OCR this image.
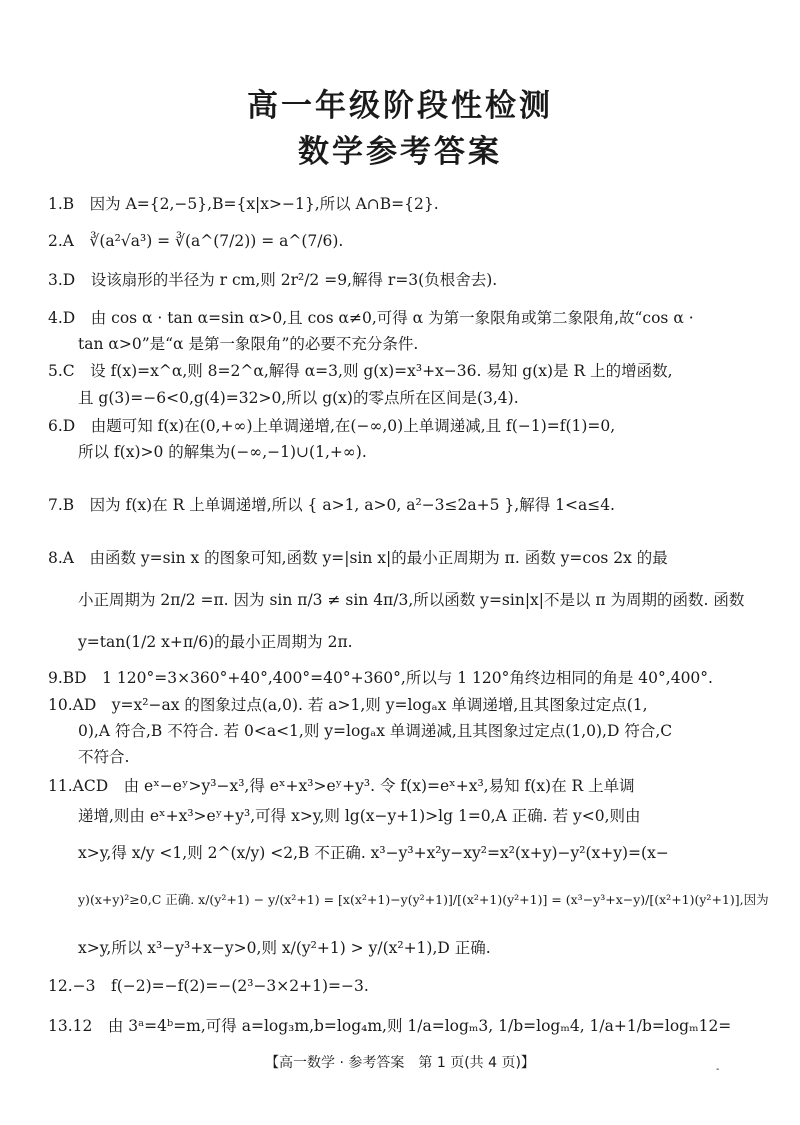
高一年级阶段性检测
数学参考答案
1.B　因为 A={2,−5},B={x|x>−1},所以 A∩B={2}.
2.A　∛(a²√a³) = ∛(a^(7/2)) = a^(7/6).
3.D　设该扇形的半径为 r cm,则 2r²/2 =9,解得 r=3(负根舍去).
4.D　由 cos α · tan α=sin α>0,且 cos α≠0,可得 α 为第一象限角或第二象限角,故“cos α ·
tan α>0”是“α 是第一象限角”的必要不充分条件.
5.C　设 f(x)=x^α,则 8=2^α,解得 α=3,则 g(x)=x³+x−36. 易知 g(x)是 R 上的增函数,
且 g(3)=−6<0,g(4)=32>0,所以 g(x)的零点所在区间是(3,4).
6.D　由题可知 f(x)在(0,+∞)上单调递增,在(−∞,0)上单调递减,且 f(−1)=f(1)=0,
所以 f(x)>0 的解集为(−∞,−1)∪(1,+∞).
7.B　因为 f(x)在 R 上单调递增,所以 { a>1, a>0, a²−3≤2a+5 },解得 1<a≤4.
8.A　由函数 y=sin x 的图象可知,函数 y=|sin x|的最小正周期为 π. 函数 y=cos 2x 的最
小正周期为 2π/2 =π. 因为 sin π/3 ≠ sin 4π/3,所以函数 y=sin|x|不是以 π 为周期的函数. 函数
y=tan(1/2 x+π/6)的最小正周期为 2π.
9.BD　1 120°=3×360°+40°,400°=40°+360°,所以与 1 120°角终边相同的角是 40°,400°.
10.AD　y=x²−ax 的图象过点(a,0). 若 a>1,则 y=logₐx 单调递增,且其图象过定点(1,
0),A 符合,B 不符合. 若 0<a<1,则 y=logₐx 单调递减,且其图象过定点(1,0),D 符合,C
不符合.
11.ACD　由 eˣ−eʸ>y³−x³,得 eˣ+x³>eʸ+y³. 令 f(x)=eˣ+x³,易知 f(x)在 R 上单调
递增,则由 eˣ+x³>eʸ+y³,可得 x>y,则 lg(x−y+1)>lg 1=0,A 正确. 若 y<0,则由
x>y,得 x/y <1,则 2^(x/y) <2,B 不正确. x³−y³+x²y−xy²=x²(x+y)−y²(x+y)=(x−
y)(x+y)²≥0,C 正确. x/(y²+1) − y/(x²+1) = [x(x²+1)−y(y²+1)]/[(x²+1)(y²+1)] = (x³−y³+x−y)/[(x²+1)(y²+1)],因为
x>y,所以 x³−y³+x−y>0,则 x/(y²+1) > y/(x²+1),D 正确.
12.−3　f(−2)=−f(2)=−(2³−3×2+1)=−3.
13.12　由 3ᵃ=4ᵇ=m,可得 a=log₃m,b=log₄m,则 1/a=logₘ3, 1/b=logₘ4, 1/a+1/b=logₘ12=
【高一数学 · 参考答案　第 1 页(共 4 页)】	-
